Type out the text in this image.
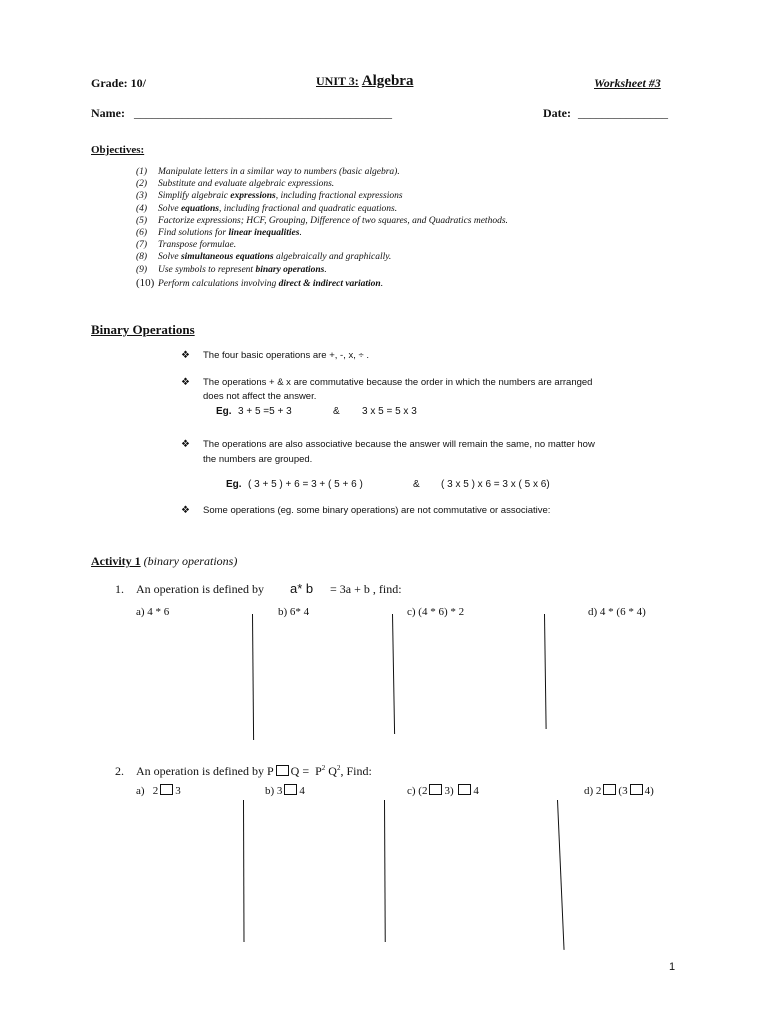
Grade: 10/	UNIT 3: Algebra	Worksheet #3
Name: ___________________________________________	Date: _______________
Objectives:
(1) Manipulate letters in a similar way to numbers (basic algebra).
(2) Substitute and evaluate algebraic expressions.
(3) Simplify algebraic expressions, including fractional expressions
(4) Solve equations, including fractional and quadratic equations.
(5) Factorize expressions; HCF, Grouping, Difference of two squares, and Quadratics methods.
(6) Find solutions for linear inequalities.
(7) Transpose formulae.
(8) Solve simultaneous equations algebraically and graphically.
(9) Use symbols to represent binary operations.
(10) Perform calculations involving direct & indirect variation.
Binary Operations
❖ The four basic operations are +, -, x, ÷ .
❖ The operations + & x are commutative because the order in which the numbers are arranged
does not affect the answer.
Eg. 3 + 5 =5 + 3	& 3 x 5 = 5 x 3
❖ The operations are also associative because the answer will remain the same, no matter how
the numbers are grouped.
Eg. ( 3 + 5 ) + 6 = 3 + ( 5 + 6 )	& ( 3 x 5 ) x 6 = 3 x ( 5 x 6)
❖ Some operations (eg. some binary operations) are not commutative or associative:
Activity 1 (binary operations)
1. An operation is defined by a* b = 3a + b , find:
a) 4 * 6	b) 6* 4	c) (4 * 6) * 2	d) 4 * (6 * 4)
2. An operation is defined by P $Q = P^2$ $Q^2$, Find:
a) 2 3	b) 3 4	c) (2 3) 4	d) 2 (3 4)
1
